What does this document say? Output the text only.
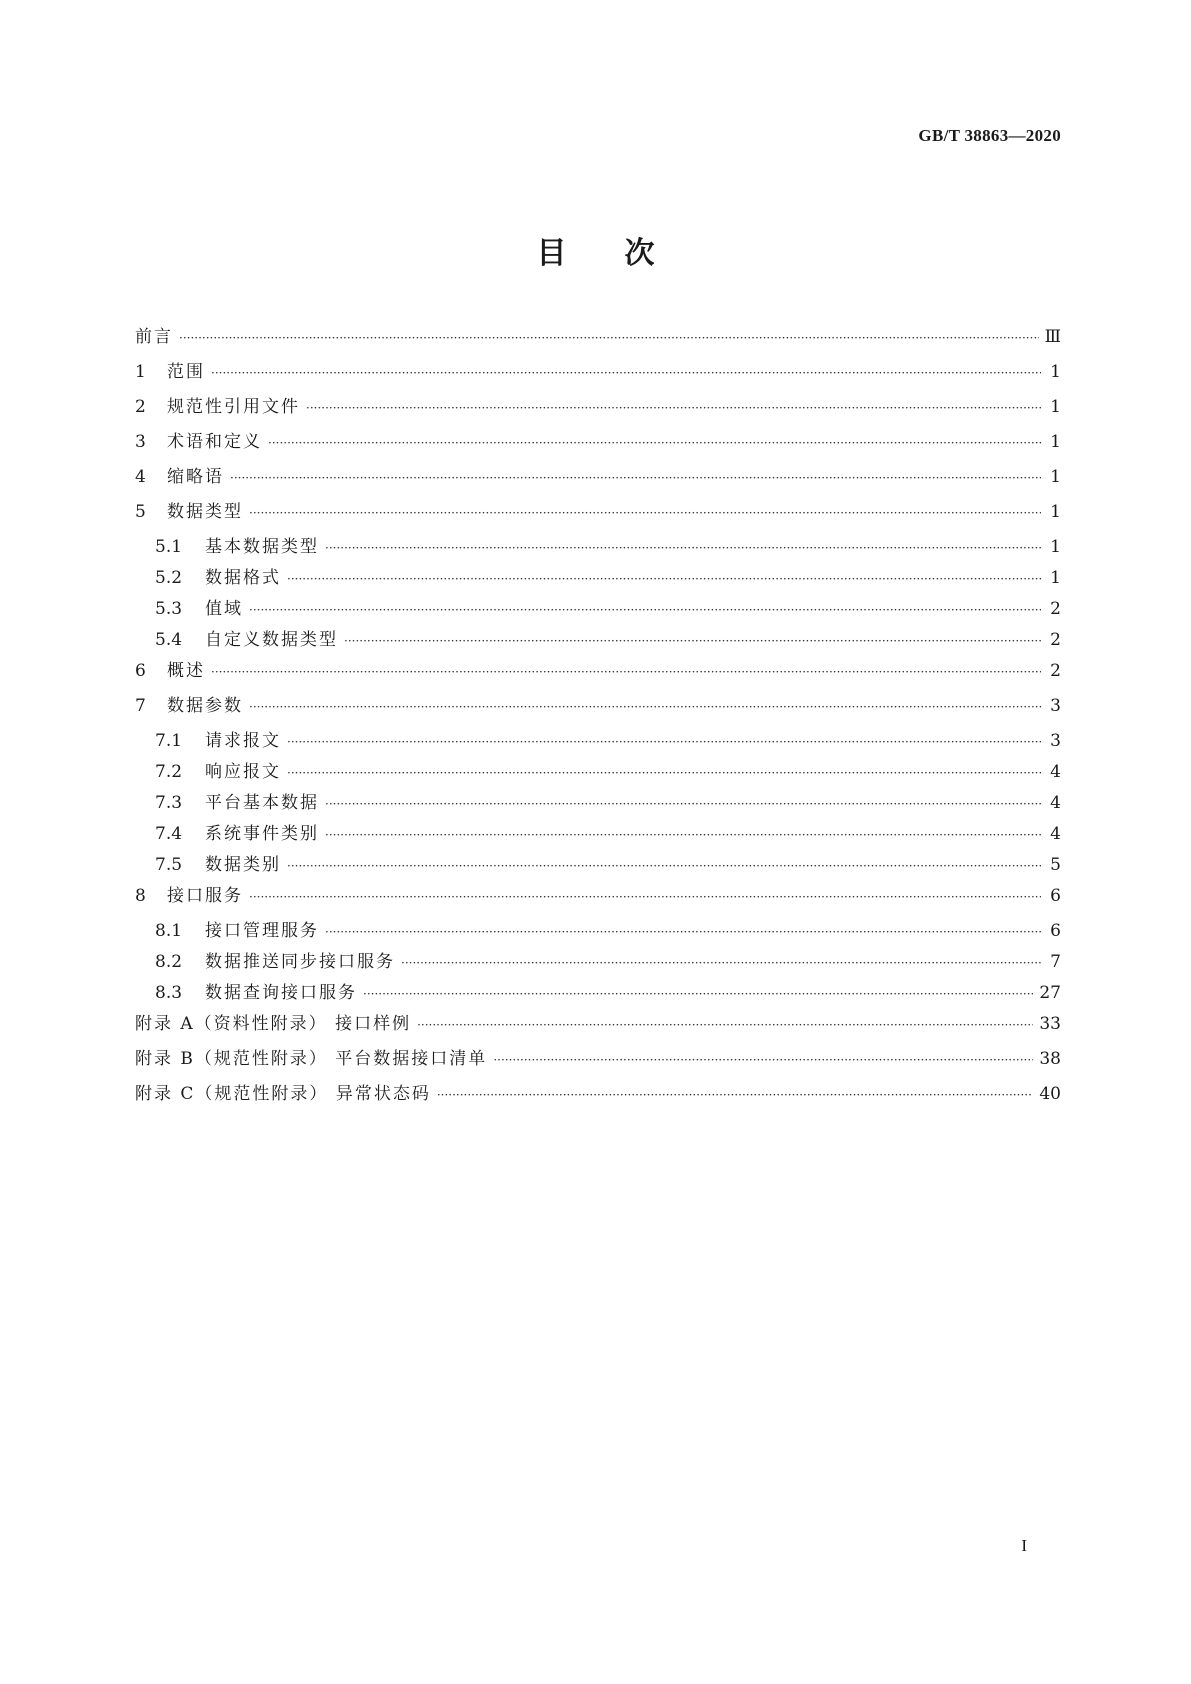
GB/T 38863—2020
目 次
前言 ·····	Ⅲ
1	范围 ·····	1
2	规范性引用文件 ·····	1
3	术语和定义 ·····	1
4	缩略语 ·····	1
5	数据类型 ·····	1
5.1	基本数据类型 ·····	1
5.2	数据格式 ·····	1
5.3	值域 ·····	2
5.4	自定义数据类型 ·····	2
6	概述 ·····	2
7	数据参数 ·····	3
7.1	请求报文 ·····	3
7.2	响应报文 ·····	4
7.3	平台基本数据 ·····	4
7.4	系统事件类别 ·····	4
7.5	数据类别 ·····	5
8	接口服务 ·····	6
8.1	接口管理服务 ·····	6
8.2	数据推送同步接口服务 ·····	7
8.3	数据查询接口服务 ·····	27
附录 A（资料性附录） 接口样例 ·····	33
附录 B（规范性附录） 平台数据接口清单 ·····	38
附录 C（规范性附录） 异常状态码 ·····	40
I
